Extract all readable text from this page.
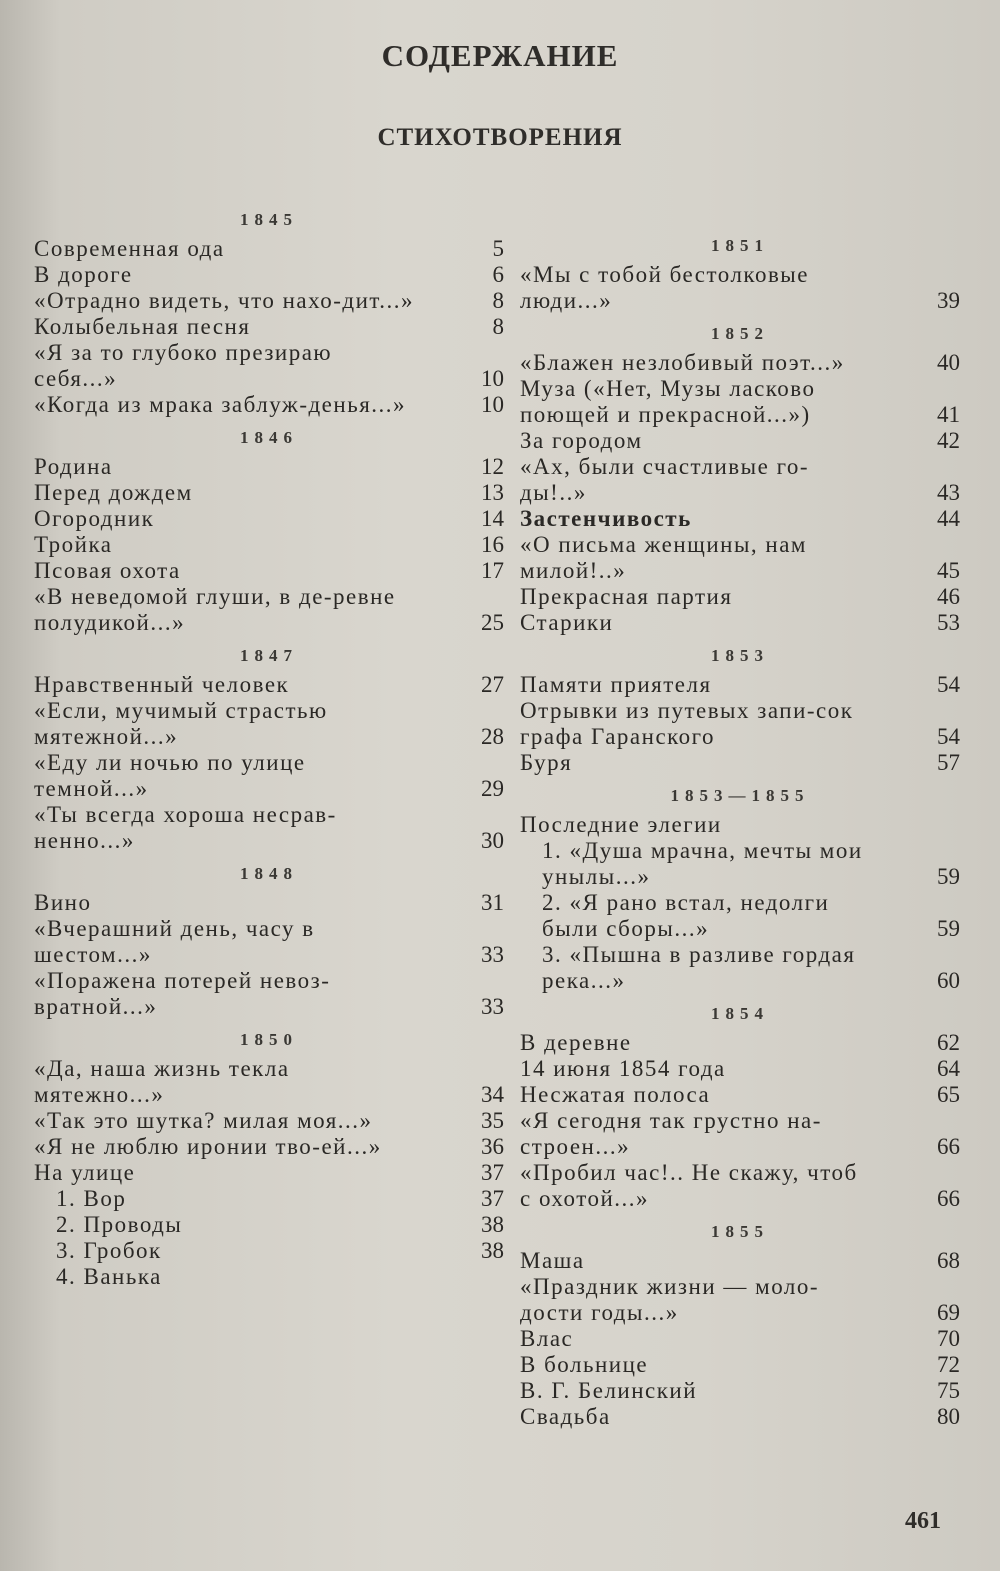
СОДЕРЖАНИЕ
СТИХОТВОРЕНИЯ
1845
Современная ода	5
В дороге	6
«Отрадно видеть, что нахо-дит...»	8
Колыбельная песня	8
«Я за то глубоко презираю себя...»	10
«Когда из мрака заблуж-денья...»	10
1846
Родина	12
Перед дождем	13
Огородник	14
Тройка	16
Псовая охота	17
«В неведомой глуши, в де-ревне полудикой...»	25
1847
Нравственный человек	27
«Если, мучимый страстью мятежной...»	28
«Еду ли ночью по улице темной...»	29
«Ты всегда хороша несрав-ненно...»	30
1848
Вино	31
«Вчерашний день, часу в шестом...»	33
«Поражена потерей невоз-вратной...»	33
1850
«Да, наша жизнь текла мятежно...»	34
«Так это шутка? милая моя...»	35
«Я не люблю иронии тво-ей...»	36
На улице	37
1. Вор	37
2. Проводы	38
3. Гробок	38
4. Ванька
1851
«Мы с тобой бестолковые люди...»	39
1852
«Блажен незлобивый поэт...»	40
Муза («Нет, Музы ласково поющей и прекрасной...»)	41
За городом	42
«Ах, были счастливые го-ды!..»	43
Застенчивость	44
«О письма женщины, нам милой!..»	45
Прекрасная партия	46
Старики	53
1853
Памяти приятеля	54
Отрывки из путевых запи-сок графа Гаранского	54
Буря	57
1853—1855
Последние элегии
1. «Душа мрачна, мечты мои унылы...»	59
2. «Я рано встал, недолги были сборы...»	59
3. «Пышна в разливе гордая река...»	60
1854
В деревне	62
14 июня 1854 года	64
Несжатая полоса	65
«Я сегодня так грустно на-строен...»	66
«Пробил час!.. Не скажу, чтоб с охотой...»	66
1855
Маша	68
«Праздник жизни — моло-дости годы...»	69
Влас	70
В больнице	72
В. Г. Белинский	75
Свадьба	80
461
